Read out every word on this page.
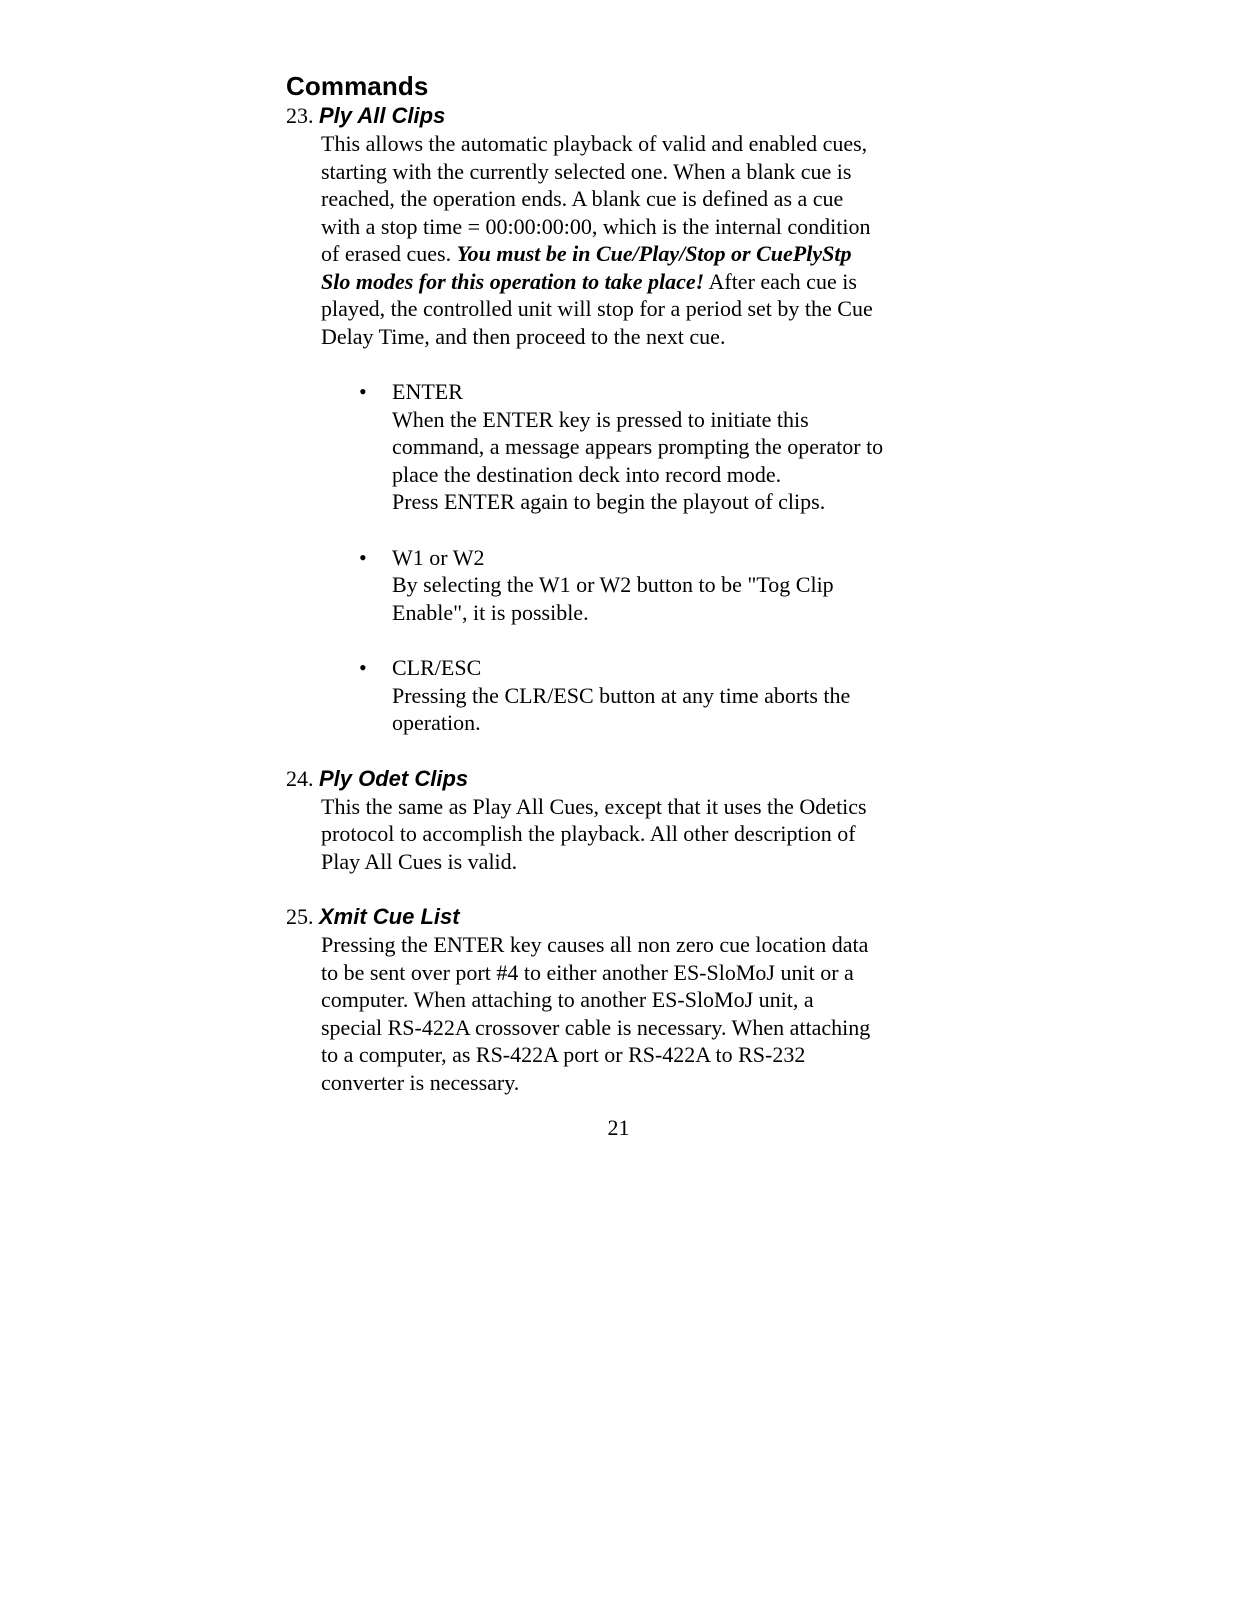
Commands
23. Ply All Clips

This allows the automatic playback of valid and enabled cues,
starting with the currently selected one. When a blank cue is
reached, the operation ends. A blank cue is defined as a cue
with a stop time = 00:00:00:00, which is the internal condition
of erased cues. You must be in Cue/Play/Stop or CuePlyStp
Slo modes for this operation to take place! After each cue is
played, the controlled unit will stop for a period set by the Cue
Delay Time, and then proceed to the next cue.

• ENTER
When the ENTER key is pressed to initiate this
command, a message appears prompting the operator to
place the destination deck into record mode.
Press ENTER again to begin the playout of clips.
• W1 or W2
By selecting the W1 or W2 button to be "Tog Clip
Enable", it is possible.
• CLR/ESC
Pressing the CLR/ESC button at any time aborts the
operation.
24. Ply Odet Clips

This the same as Play All Cues, except that it uses the Odetics
protocol to accomplish the playback. All other description of
Play All Cues is valid.

25. Xmit Cue List

Pressing the ENTER key causes all non zero cue location data
to be sent over port #4 to either another ES-SloMoJ unit or a
computer. When attaching to another ES-SloMoJ unit, a
special RS-422A crossover cable is necessary. When attaching
to a computer, as RS-422A port or RS-422A to RS-232
converter is necessary.

21
